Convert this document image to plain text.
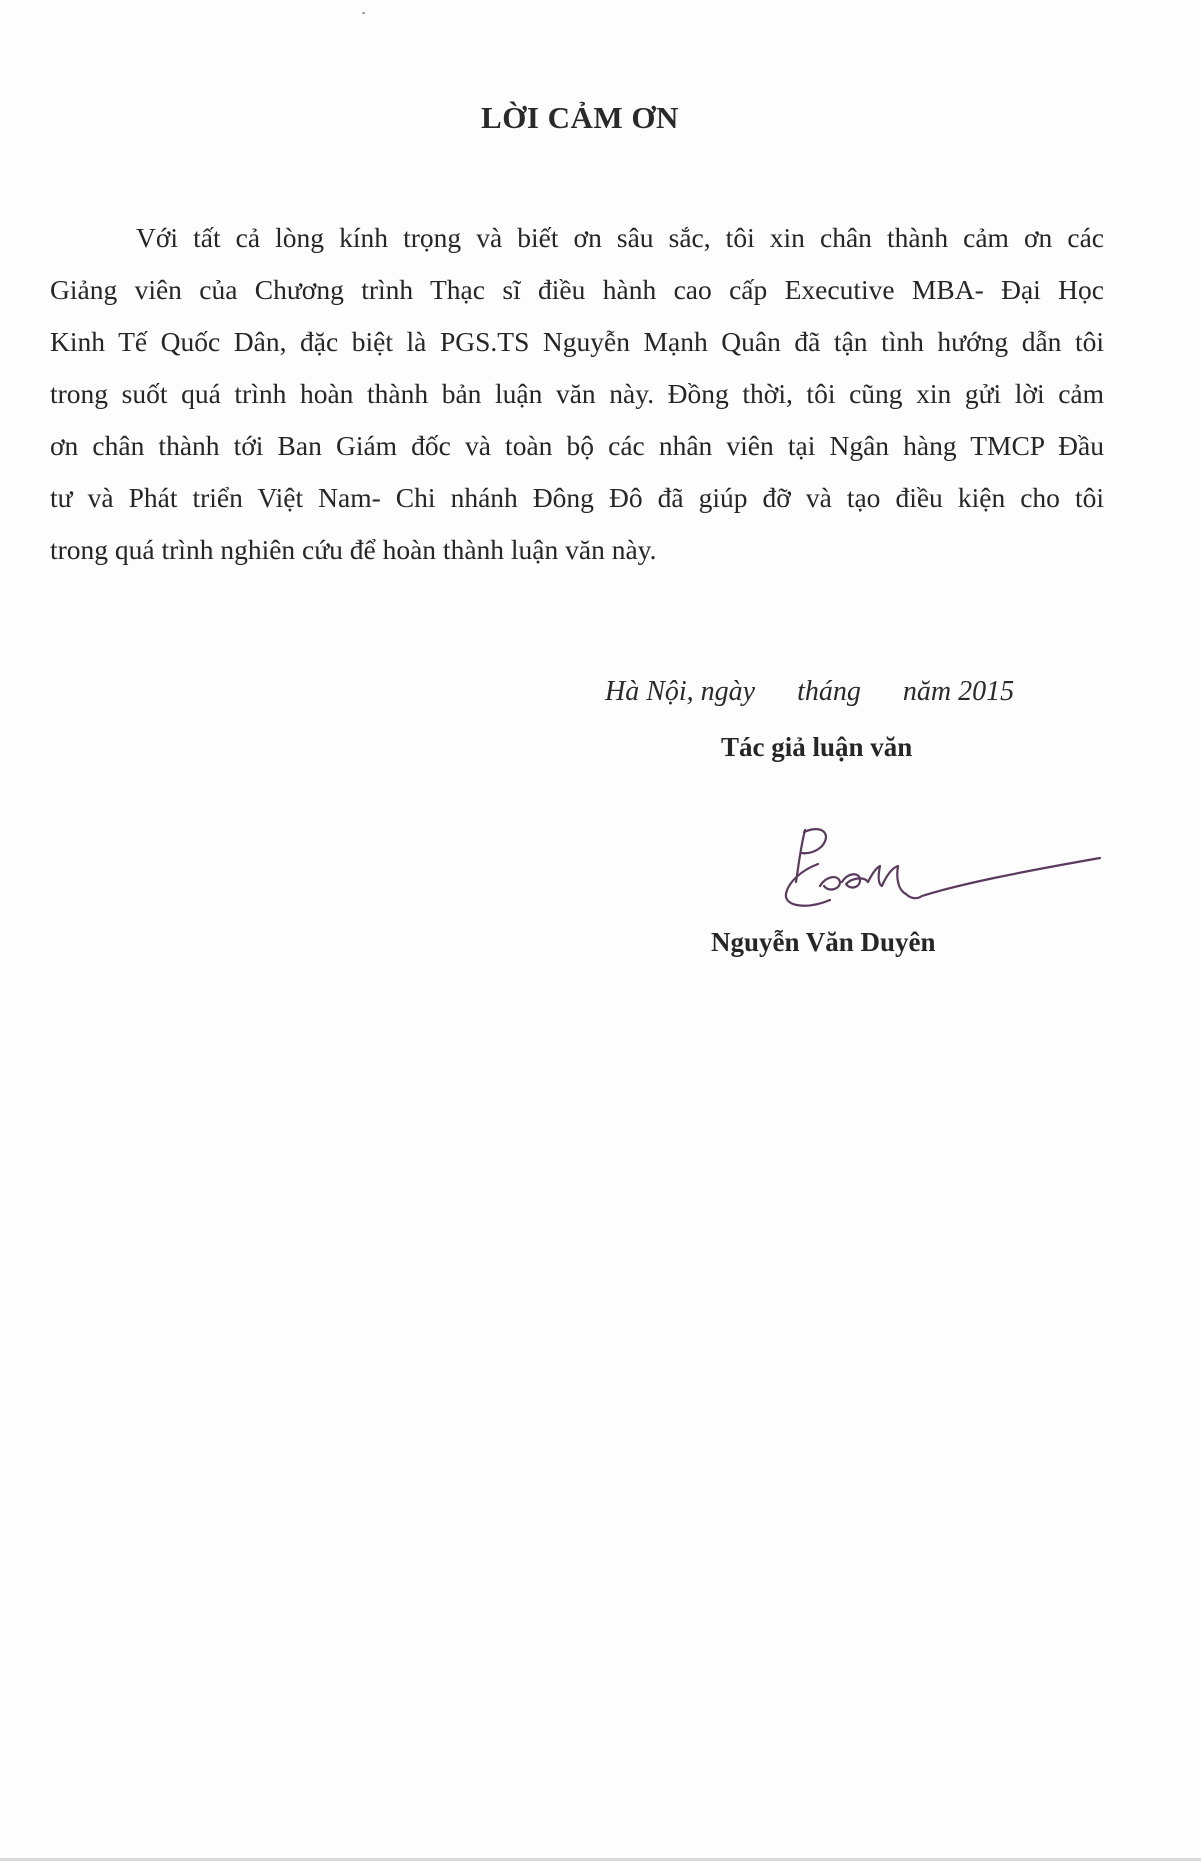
LỜI CẢM ƠN
Với tất cả lòng kính trọng và biết ơn sâu sắc, tôi xin chân thành cảm ơn các
Giảng viên của Chương trình Thạc sĩ điều hành cao cấp Executive MBA- Đại Học
Kinh Tế Quốc Dân, đặc biệt là PGS.TS Nguyễn Mạnh Quân đã tận tình hướng dẫn tôi
trong suốt quá trình hoàn thành bản luận văn này. Đồng thời, tôi cũng xin gửi lời cảm
ơn chân thành tới Ban Giám đốc và toàn bộ các nhân viên tại Ngân hàng TMCP Đầu
tư và Phát triển Việt Nam- Chi nhánh Đông Đô đã giúp đỡ và tạo điều kiện cho tôi
trong quá trình nghiên cứu để hoàn thành luận văn này.
Hà Nội, ngày      tháng      năm 2015
Tác giả luận văn
Nguyễn Văn Duyên
